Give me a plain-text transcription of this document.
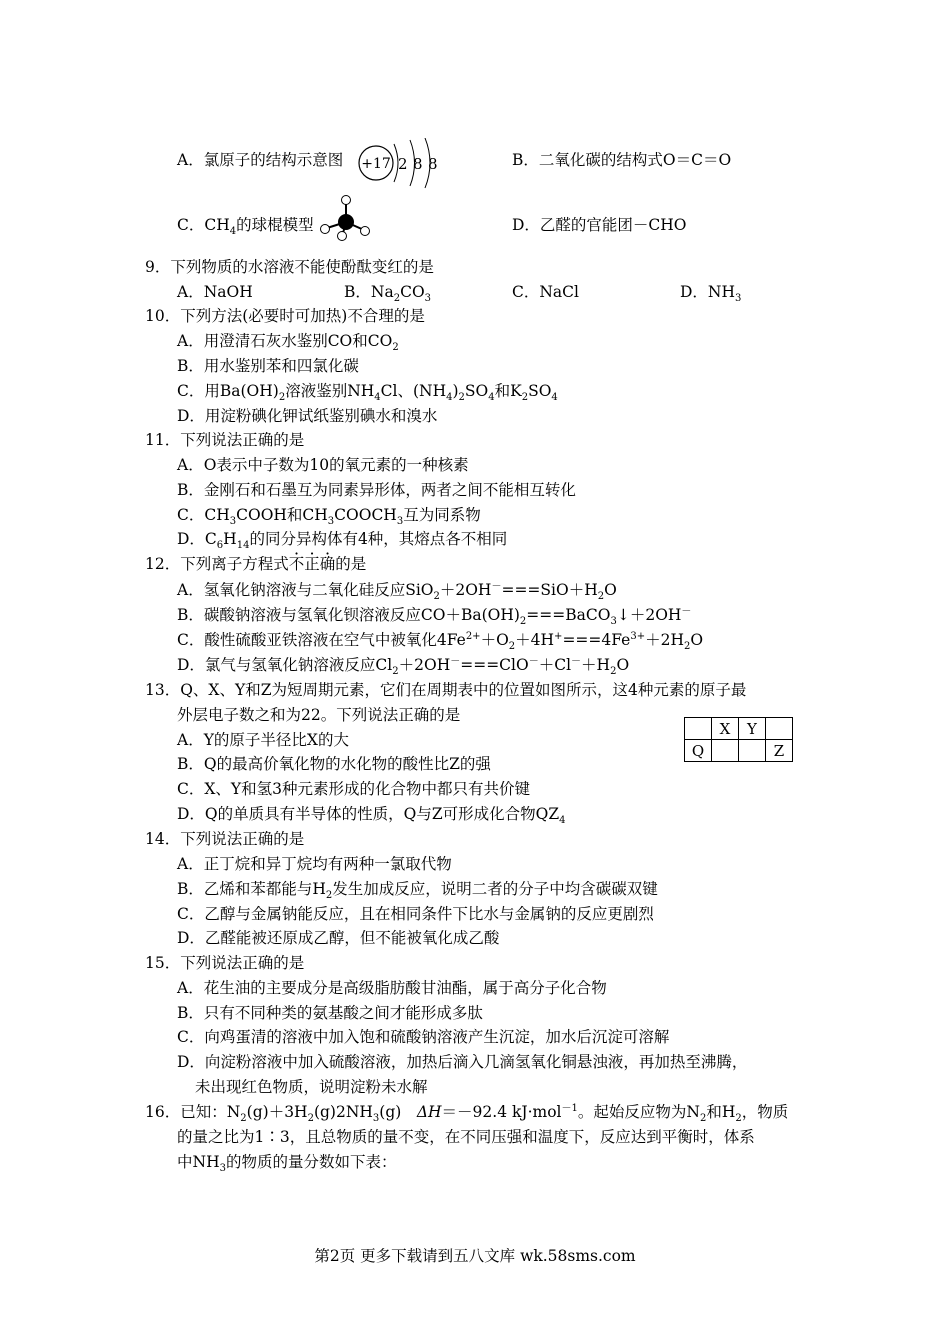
A．氯原子的结构示意图 +17 2 8 8	B．二氧化碳的结构式O＝C＝O
C．$CH_4$的球棍模型	D．乙醛的官能团－CHO
9．下列物质的水溶液不能使酚酞变红的是
A．NaOH	B．$Na_2CO_3$	C．NaCl	D．$NH_3$
10．下列方法(必要时可加热)不合理的是
A．用澄清石灰水鉴别CO和$CO_2$
B．用水鉴别苯和四氯化碳
C．用$Ba(OH)_2$溶液鉴别$NH_4Cl$、$(NH_4)_2SO_4$和$K_2SO_4$
D．用淀粉碘化钾试纸鉴别碘水和溴水
11．下列说法正确的是
A．O表示中子数为10的氧元素的一种核素
B．金刚石和石墨互为同素异形体，两者之间不能相互转化
C．$CH_3COOH$和$CH_3COOCH_3$互为同系物
D．$C_6H_{14}$的同分异构体有4种，其熔点各不相同
12．下列离子方程式不正确的是
A．氢氧化钠溶液与二氧化硅反应$SiO_2+2OH^-===SiO+H_2O$
B．碳酸钠溶液与氢氧化钡溶液反应$CO+Ba(OH)_2===BaCO_3↓+2OH^-$
C．酸性硫酸亚铁溶液在空气中被氧化$4Fe^{2+}+O_2+4H^+===4Fe^{3+}+2H_2O$
D．氯气与氢氧化钠溶液反应$Cl_2+2OH^-===ClO^-+Cl^-+H_2O$
13．Q、X、Y和Z为短周期元素，它们在周期表中的位置如图所示，这4种元素的原子最
外层电子数之和为22。下列说法正确的是
A．Y的原子半径比X的大
B．Q的最高价氧化物的水化物的酸性比Z的强
C．X、Y和氢3种元素形成的化合物中都只有共价键
D．Q的单质具有半导体的性质，Q与Z可形成化合物$QZ_4$
	X	Y	
Q			Z
14．下列说法正确的是
A．正丁烷和异丁烷均有两种一氯取代物
B．乙烯和苯都能与$H_2$发生加成反应，说明二者的分子中均含碳碳双键
C．乙醇与金属钠能反应，且在相同条件下比水与金属钠的反应更剧烈
D．乙醛能被还原成乙醇，但不能被氧化成乙酸
15．下列说法正确的是
A．花生油的主要成分是高级脂肪酸甘油酯，属于高分子化合物
B．只有不同种类的氨基酸之间才能形成多肽
C．向鸡蛋清的溶液中加入饱和硫酸钠溶液产生沉淀，加水后沉淀可溶解
D．向淀粉溶液中加入硫酸溶液，加热后滴入几滴氢氧化铜悬浊液，再加热至沸腾，
未出现红色物质，说明淀粉未水解
16．已知：$N_2(g)+3H_2(g)2NH_3(g)$　ΔH＝－92.4 kJ·mol$^{-1}$。起始反应物为$N_2$和$H_2$，物质
的量之比为1∶3，且总物质的量不变，在不同压强和温度下，反应达到平衡时，体系
中$NH_3$的物质的量分数如下表：
第2页 更多下载请到五八文库 wk.58sms.com
